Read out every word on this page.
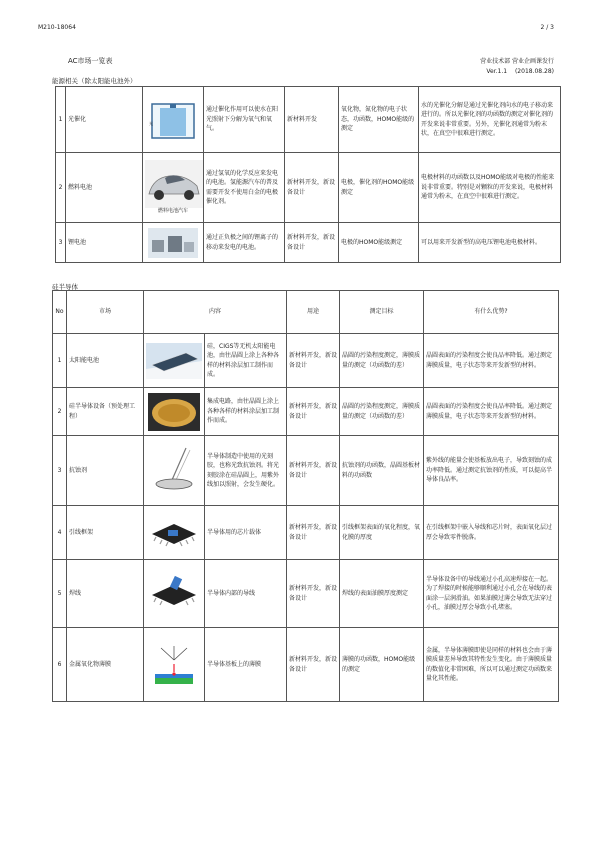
M210-18064	2 / 3
AC市场一览表	营业技术部 营业企画课发行
Ver.1.1 　(2018.08.28)
能源相关（除太阳能电池外）
1	光催化	光	通过催化作用可以使水在阳光照射下分解为氧气和氧气。	新材料开发	氧化物，氮化物的电子状态，功函数，HOMO能级的测定	水的光催化分解是通过光催化剂向水的电子移动来进行的。所以光催化剂的功函数的测定对催化剂的开发来说非常重要。另外，光催化剂通常为粉末状，在真空中很难进行测定。
2	燃料电池	燃料电池汽车	通过氢氧的化学反应来发电的电池。氢能源汽车的普及需要开发不使用白金的电极催化剂。	新材料开发，新设备设计	电极，催化剂的HOMO能级测定	电极材料的功函数以及HOMO能级对电极的性能来说非常重要。特别是对颗粒的开发来说，电极材料通常为粉末，在真空中很难进行测定。
3	锂电池		通过正负极之间的锂离子的移动来发电的电池。	新材料开发，新设备设计	电极的HOMO能级测定	可以用来开发新型的高电压锂电池电极材料。
硅半导体
No	市场	内容		用途	测定目标	有什么优势?
1	太阳能电池		硅，CIGS等无机太阳能电池，由往晶圆上涂上各种各样的材料涂层加工制作而成。	新材料开发，新设备设计	晶圆的污染程度测定，薄膜质量的测定（功函数的差）	晶圆表面的污染程度会使良品率降低。通过测定薄膜质量，电子状态等来开发新型的材料。
2	硅半导体设备（预处理工程）		集成电路，由往晶圆上涂上各种各样的材料涂层加工制作而成。	新材料开发，新设备设计	晶圆的污染程度测定，薄膜质量的测定（功函数的差）	晶圆表面的污染程度会使良品率降低。通过测定薄膜质量，电子状态等来开发新型的材料。
3	抗蚀剂		半导体制造中使用的光刻胶，也称光致抗蚀剂。将光刻胶涂在硅晶圆上，用紫外线加以照射，会发生硬化。	新材料开发，新设备设计	抗蚀剂的功函数，晶圆基板材料的功函数	紫外线的能量会使基板放出电子，导致刻蚀的成功率降低。通过测定抗蚀剂的性质，可以提高半导体良品率。
4	引线框架		半导体用的芯片载体	新材料开发，新设备设计	引线框架表面的氧化程度，氧化膜的厚度	在引线框架中嵌入导线和芯片时，表面氧化层过厚会导致零件脱落。
5	焊线		半导体内部的导线	新材料开发，新设备设计	焊线的表面油膜厚度测定	半导体设备中的导线通过小孔高速焊接在一起。为了焊接的时候能够顺利通过小孔会在导线的表面涂一层润滑油。如果油膜过薄会导致无法穿过小孔，油膜过厚会导致小孔堵塞。
6	金属氧化物薄膜		半导体基板上的薄膜	新材料开发，新设备设计	薄膜的功函数，HOMO能级的测定	金属，半导体薄膜即使是同样的材料也会由于薄膜质量差异导致其特性发生变化。由于薄膜质量的数值化非常困难，所以可以通过测定功函数来量化其性能。
